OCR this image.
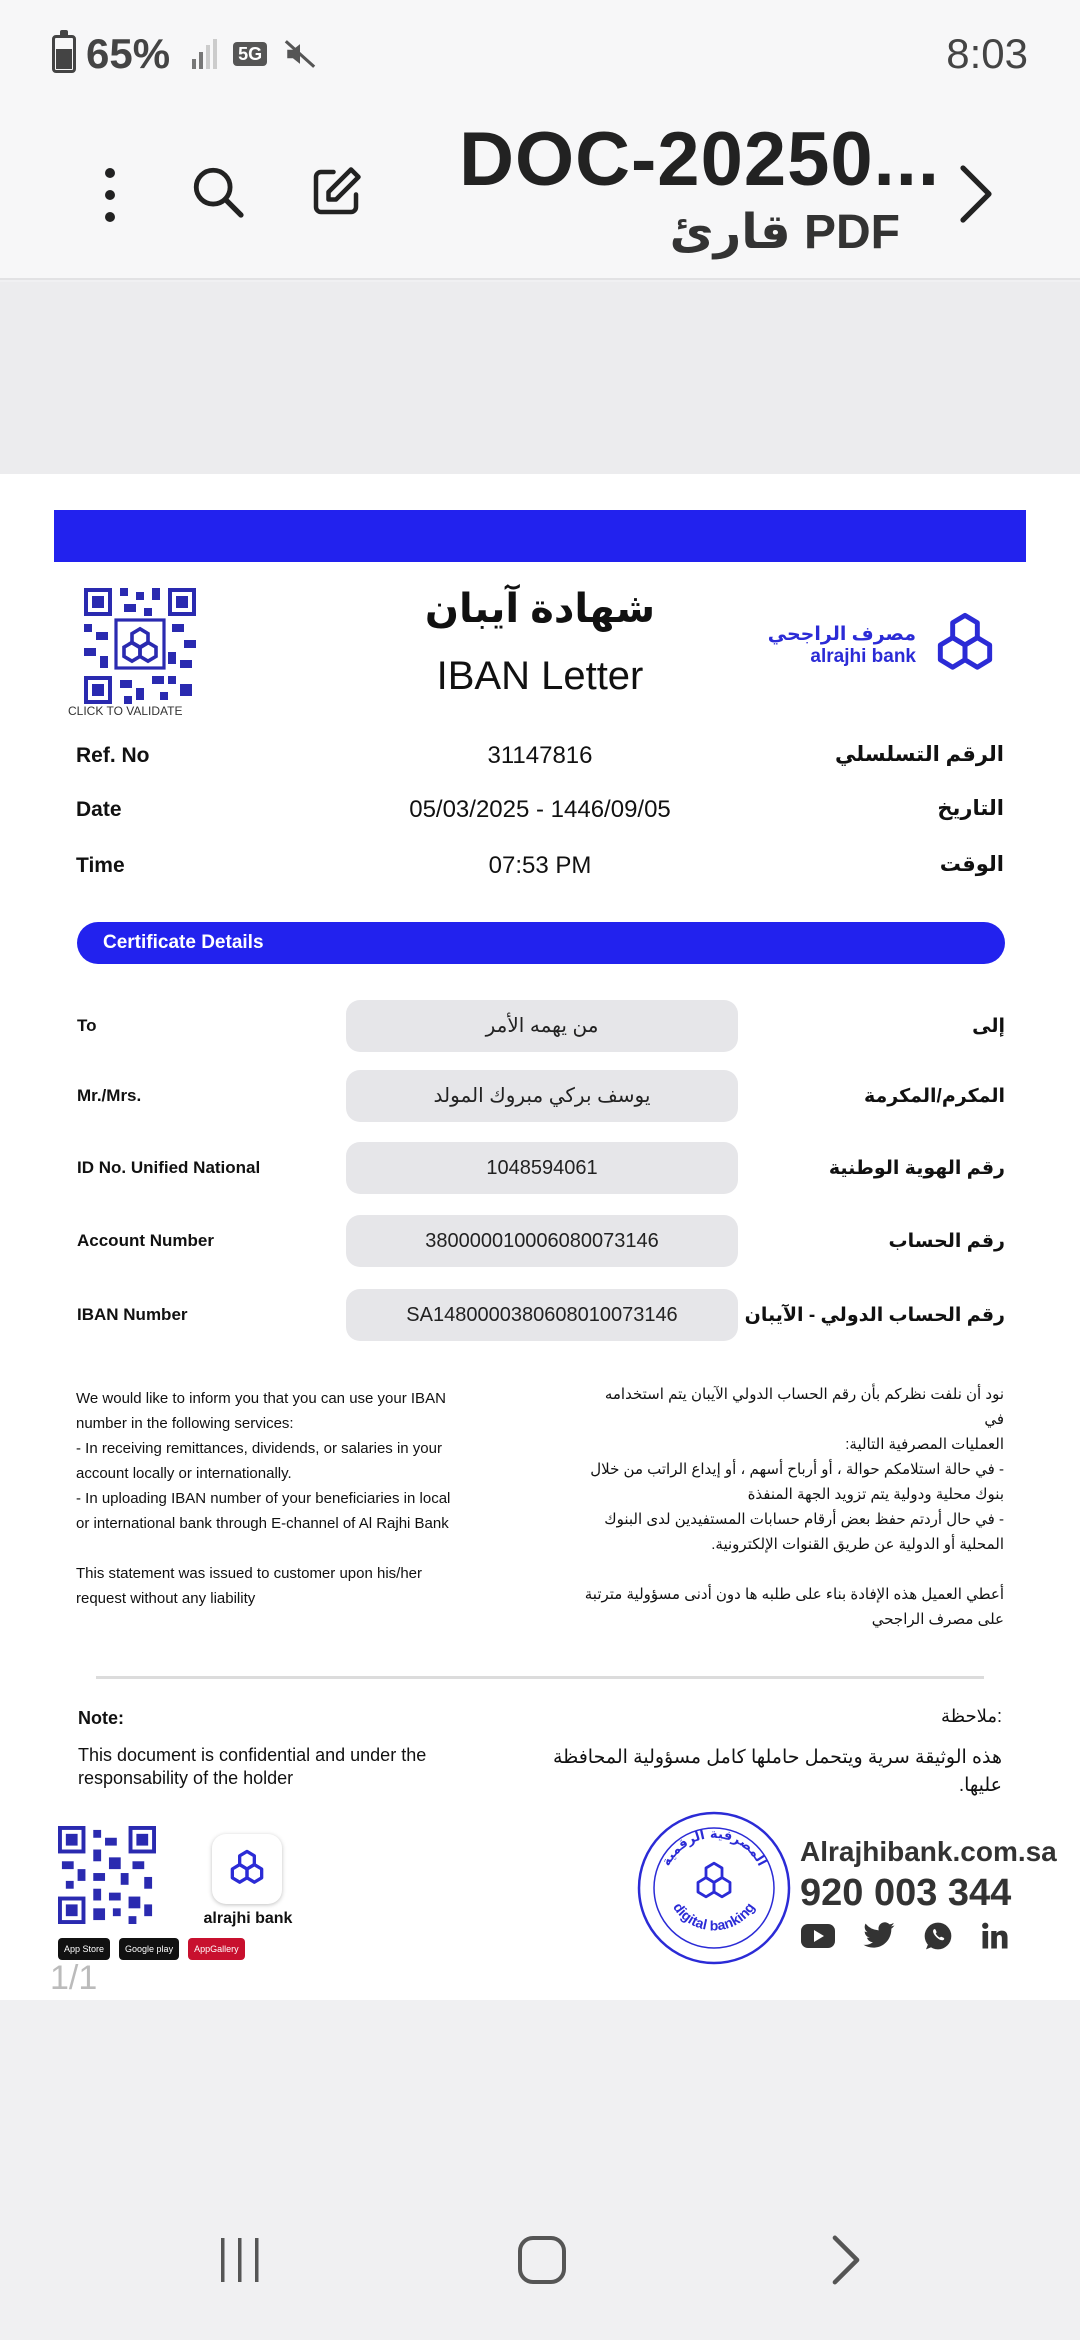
65%	5G	8:03
DOC-20250...
قارئ PDF
CLICK TO VALIDATE
شهادة آيبان
IBAN Letter
مصرف الراجحي
alrajhi bank
Ref. No	31147816	الرقم التسلسلي
Date	05/03/2025 - 1446/09/05	التاريخ
Time	07:53 PM	الوقت
Certificate Details
To	من يهمه الأمر	إلى
Mr./Mrs.	يوسف بركي مبروك المولد	المكرم/المكرمة
ID No. Unified National	1048594061	رقم الهوية الوطنية
Account Number	380000010006080073146	رقم الحساب
IBAN Number	SA1480000380608010073146	رقم الحساب الدولي - الآيبان
We would like to inform you that you can use your IBAN
number in the following services:
- In receiving remittances, dividends, or salaries in your
account locally or internationally.
- In uploading IBAN number of your beneficiaries in local
or international bank through E-channel of Al Rajhi Bank
This statement was issued to customer upon his/her
request without any liability
نود أن نلفت نظركم بأن رقم الحساب الدولي الآيبان يتم استخدامه في
العمليات المصرفية التالية:
- في حالة استلامكم حوالة ، أو أرباح أسهم ، أو إيداع الراتب من خلال
بنوك محلية ودولية يتم تزويد الجهة المنفذة
- في حال أردتم حفظ بعض أرقام حسابات المستفيدين لدى البنوك
المحلية أو الدولية عن طريق القنوات الإلكترونية.
أعطي العميل هذه الإفادة بناء على طلبه ها دون أدنى مسؤولية مترتبة
على مصرف الراجحي
Note:	ملاحظة:
This document is confidential and under the responsability of the holder
هذه الوثيقة سرية ويتحمل حاملها كامل مسؤولية المحافظة عليها.
alrajhi bank
App Store	Google play	AppGallery
المصرفية الرقمية
digital banking
Alrajhibank.com.sa
920 003 344
1/1
